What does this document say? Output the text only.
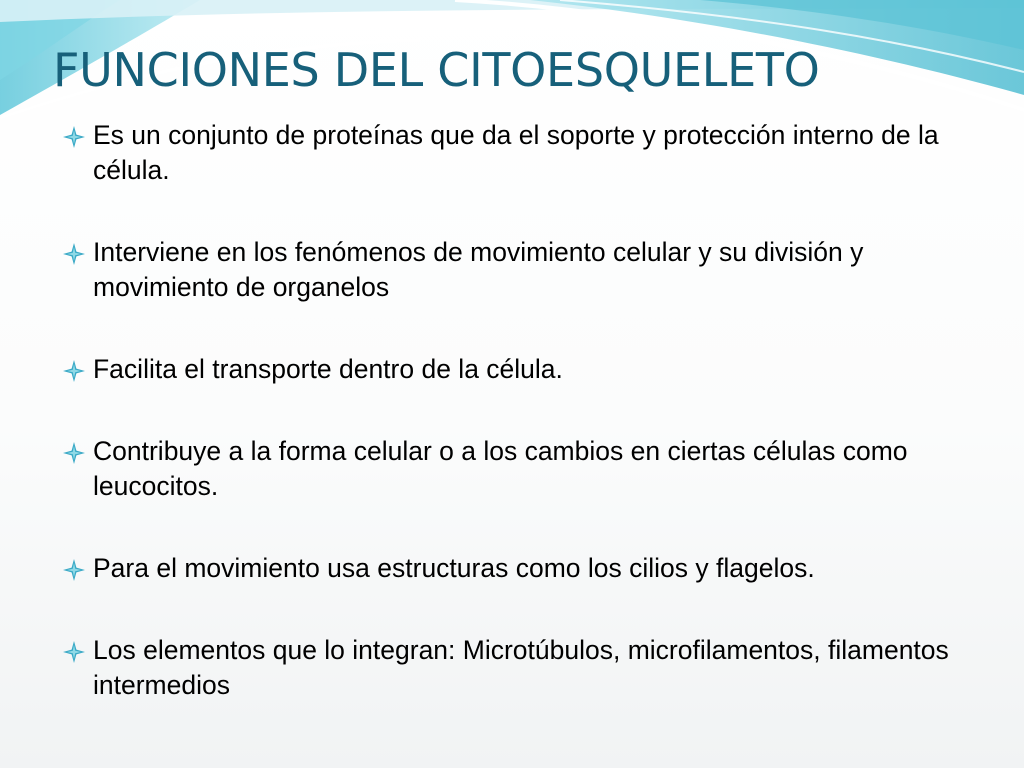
FUNCIONES DEL CITOESQUELETO
Es un conjunto de proteínas que da el soporte y protección interno de la célula.
Interviene en los fenómenos de movimiento celular y su división y movimiento de organelos
Facilita el transporte dentro de la célula.
Contribuye a la forma celular o a los cambios en ciertas células como leucocitos.
Para el movimiento usa estructuras como los cilios y flagelos.
Los elementos que lo integran: Microtúbulos, microfilamentos, filamentos intermedios
